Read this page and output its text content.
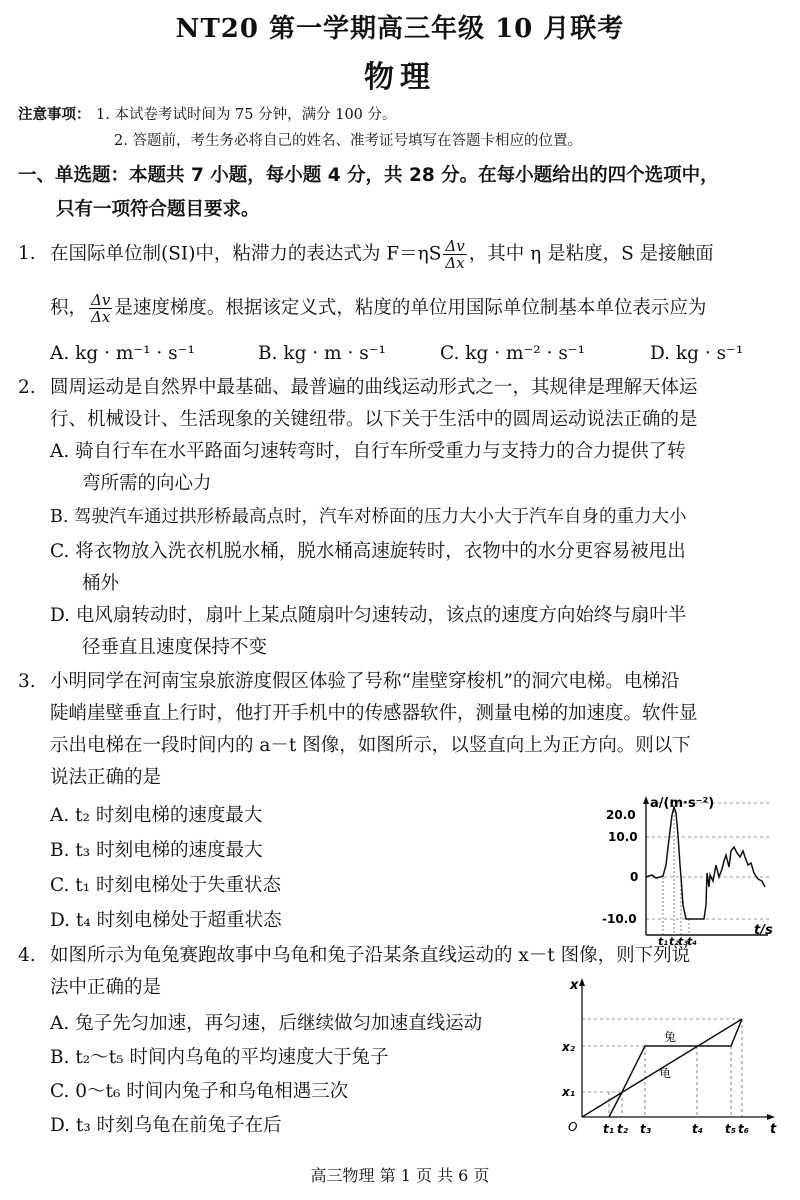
NT20 第一学期高三年级 10 月联考
物理
注意事项： 1. 本试卷考试时间为 75 分钟，满分 100 分。
2. 答题前，考生务必将自己的姓名、准考证号填写在答题卡相应的位置。
一、单选题：本题共 7 小题，每小题 4 分，共 28 分。在每小题给出的四个选项中，
只有一项符合题目要求。
1. 在国际单位制(SI)中，粘滞力的表达式为 $F=\eta S \frac{\Delta v}{\Delta x}$ ，其中 η 是粘度，S 是接触面
积， $\frac{\Delta v}{\Delta x}$ 是速度梯度。根据该定义式，粘度的单位用国际单位制基本单位表示应为
A. kg · m⁻¹ · s⁻¹	B. kg · m · s⁻¹	C. kg · m⁻² · s⁻¹	D. kg · s⁻¹
2. 圆周运动是自然界中最基础、最普遍的曲线运动形式之一，其规律是理解天体运
行、机械设计、生活现象的关键纽带。以下关于生活中的圆周运动说法正确的是
A. 骑自行车在水平路面匀速转弯时，自行车所受重力与支持力的合力提供了转
弯所需的向心力
B. 驾驶汽车通过拱形桥最高点时，汽车对桥面的压力大小大于汽车自身的重力大小
C. 将衣物放入洗衣机脱水桶，脱水桶高速旋转时，衣物中的水分更容易被甩出
桶外
D. 电风扇转动时，扇叶上某点随扇叶匀速转动，该点的速度方向始终与扇叶半
径垂直且速度保持不变
3. 小明同学在河南宝泉旅游度假区体验了号称“崖壁穿梭机”的洞穴电梯。电梯沿
陡峭崖壁垂直上行时，他打开手机中的传感器软件，测量电梯的加速度。软件显
示出电梯在一段时间内的 a－t 图像，如图所示，以竖直向上为正方向。则以下
说法正确的是
A. t₂ 时刻电梯的速度最大
B. t₃ 时刻电梯的速度最大
C. t₁ 时刻电梯处于失重状态
D. t₄ 时刻电梯处于超重状态
a/(m·s⁻²)
20.0
10.0
0
-10.0
t/s
t₁ t₂
t₃
t₄
4. 如图所示为龟兔赛跑故事中乌龟和兔子沿某条直线运动的 x－t 图像，则下列说
法中正确的是
A. 兔子先匀加速，再匀速，后继续做匀加速直线运动
B. t₂～t₅ 时间内乌龟的平均速度大于兔子
C. 0～t₆ 时间内兔子和乌龟相遇三次
D. t₃ 时刻乌龟在前兔子在后
x
t
O
x₂
x₁
t₁ t₂ t₃	t₄ t₅ t₆
兔
龟
高三物理 第 1 页 共 6 页
